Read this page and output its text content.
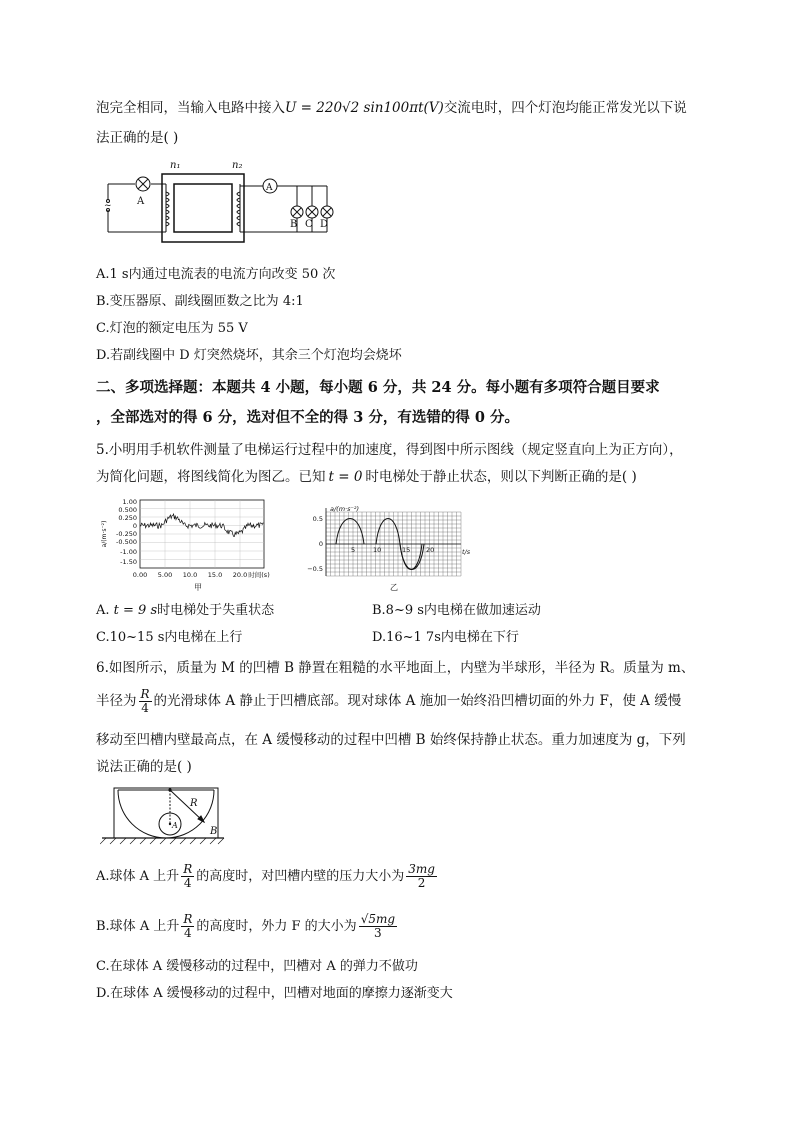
泡完全相同，当输入电路中接入U = 220√2 sin100πt(V)交流电时，四个灯泡均能正常发光以下说
法正确的是( )
n₁	n₂
A
A
~
B C D
A.1 s内通过电流表的电流方向改变 50 次
B.变压器原、副线圈匝数之比为 4:1
C.灯泡的额定电压为 55 V
D.若副线圈中 D 灯突然烧坏，其余三个灯泡均会烧坏
二、多项选择题：本题共 4 小题，每小题 6 分，共 24 分。每小题有多项符合题目要求
，全部选对的得 6 分，选对但不全的得 3 分，有选错的得 0 分。
5.小明用手机软件测量了电梯运行过程中的加速度，得到图中所示图线（规定竖直向上为正方向），
为简化问题，将图线简化为图乙。已知 t = 0 时电梯处于静止状态，则以下判断正确的是( )
1.00
0.500
0.250
0
-0.250
-0.500
-1.00
-1.50
0.00 5.00 10.0 15.0 20.0 时间(s)
a/(m·s⁻²)
甲
0.5
0
−0.5
5	10	15 20	t/s
a/(m·s⁻²)
乙
A. t = 9 s时电梯处于失重状态	B.8~9 s内电梯在做加速运动
C.10~15 s内电梯在上行	D.16~1 7s内电梯在下行
6.如图所示，质量为 M 的凹槽 B 静置在粗糙的水平地面上，内壁为半球形，半径为 R。质量为 m、
半径为 $\frac{R}{4}$ 的光滑球体 A 静止于凹槽底部。现对球体 A 施加一始终沿凹槽切面的外力 F，使 A 缓慢
移动至凹槽内壁最高点，在 A 缓慢移动的过程中凹槽 B 始终保持静止状态。重力加速度为 g，下列
说法正确的是( )
R
A
B
A.球体 A 上升 $\frac{R}{4}$ 的高度时，对凹槽内壁的压力大小为 $\frac{3mg}{2}$
B.球体 A 上升 $\frac{R}{4}$ 的高度时，外力 F 的大小为 $\frac{√5mg}{3}$
C.在球体 A 缓慢移动的过程中，凹槽对 A 的弹力不做功
D.在球体 A 缓慢移动的过程中，凹槽对地面的摩擦力逐渐变大
